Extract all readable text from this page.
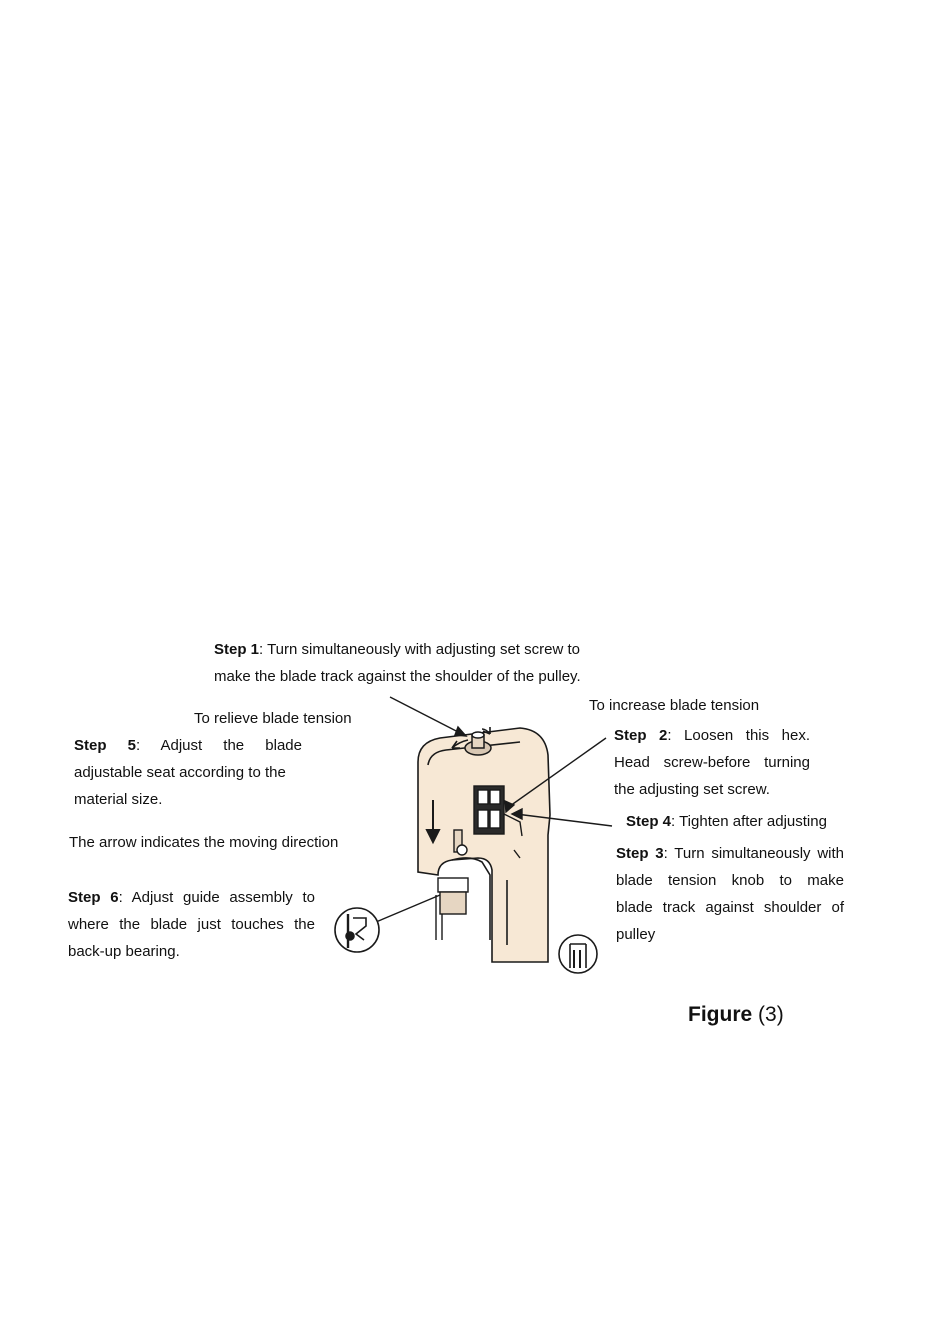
Step 1: Turn simultaneously with adjusting set screw to
make the blade track against the shoulder of the pulley.
To relieve blade tension
To increase blade tension
Step 5: Adjust the blade
adjustable seat according to the
material size.
The arrow indicates the moving direction
Step 6: Adjust guide assembly to
where the blade just touches the
back-up bearing.
Step 2: Loosen this hex.
Head screw-before turning
the adjusting set screw.
Step 4: Tighten after adjusting
Step 3: Turn simultaneously with
blade tension knob to make
blade track against shoulder of
pulley
Figure (3)
